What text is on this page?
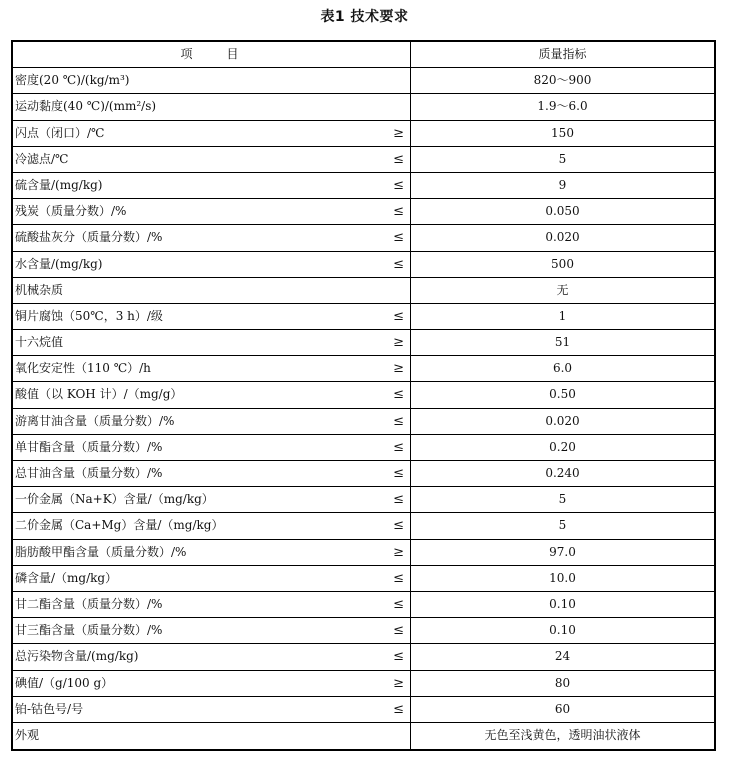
表1 技术要求
项	目	质量指标
密度(20 ℃)/(kg/m³)	820～900
运动黏度(40 ℃)/(mm²/s)	1.9～6.0
闪点（闭口）/℃	≥	150
冷滤点/℃	≤	5
硫含量/(mg/kg)	≤	9
残炭（质量分数）/%	≤	0.050
硫酸盐灰分（质量分数）/%	≤	0.020
水含量/(mg/kg)	≤	500
机械杂质	无
铜片腐蚀（50℃，3 h）/级	≤	1
十六烷值	≥	51
氧化安定性（110 ℃）/h	≥	6.0
酸值（以 KOH 计）/（mg/g）	≤	0.50
游离甘油含量（质量分数）/%	≤	0.020
单甘酯含量（质量分数）/%	≤	0.20
总甘油含量（质量分数）/%	≤	0.240
一价金属（Na+K）含量/（mg/kg）	≤	5
二价金属（Ca+Mg）含量/（mg/kg）	≤	5
脂肪酸甲酯含量（质量分数）/%	≥	97.0
磷含量/（mg/kg）	≤	10.0
甘二酯含量（质量分数）/%	≤	0.10
甘三酯含量（质量分数）/%	≤	0.10
总污染物含量/(mg/kg)	≤	24
碘值/（g/100 g）	≥	80
铂-钴色号/号	≤	60
外观	无色至浅黄色，透明油状液体
